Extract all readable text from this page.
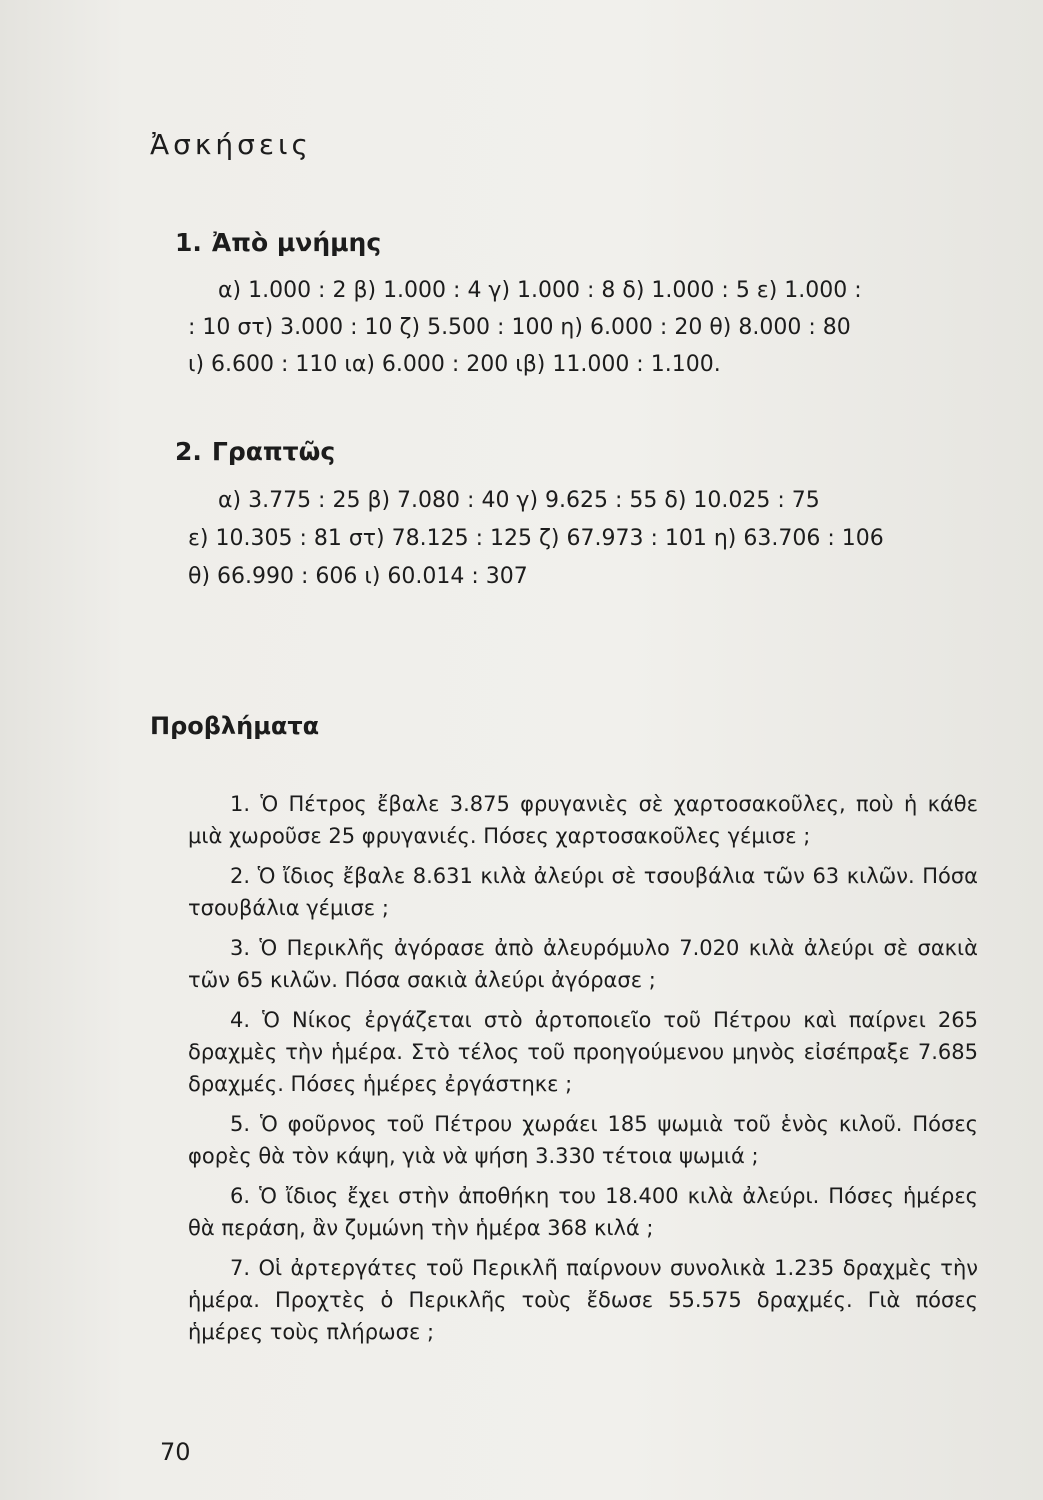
Ἀσκήσεις
1. Ἀπὸ μνήμης
α) 1.000 : 2 β) 1.000 : 4 γ) 1.000 : 8 δ) 1.000 : 5 ε) 1.000 :
: 10 στ) 3.000 : 10 ζ) 5.500 : 100 η) 6.000 : 20 θ) 8.000 : 80
ι) 6.600 : 110 ια) 6.000 : 200 ιβ) 11.000 : 1.100.
2. Γραπτῶς
α) 3.775 : 25 β) 7.080 : 40 γ) 9.625 : 55 δ) 10.025 : 75
ε) 10.305 : 81 στ) 78.125 : 125 ζ) 67.973 : 101 η) 63.706 : 106
θ) 66.990 : 606 ι) 60.014 : 307
Προβλήματα

1. Ὁ Πέτρος ἔβαλε 3.875 φρυγανιὲς σὲ χαρτοσακοῦλες, ποὺ ἡ κάθε μιὰ χωροῦσε 25 φρυγανιές. Πόσες χαρτοσακοῦλες γέμισε ;

2. Ὁ ἴδιος ἔβαλε 8.631 κιλὰ ἀλεύρι σὲ τσουβάλια τῶν 63 κιλῶν. Πόσα τσουβάλια γέμισε ;

3. Ὁ Περικλῆς ἀγόρασε ἀπὸ ἀλευρόμυλο 7.020 κιλὰ ἀλεύρι σὲ σακιὰ τῶν 65 κιλῶν. Πόσα σακιὰ ἀλεύρι ἀγόρασε ;

4. Ὁ Νίκος ἐργάζεται στὸ ἀρτοποιεῖο τοῦ Πέτρου καὶ παίρνει 265 δραχμὲς τὴν ἡμέρα. Στὸ τέλος τοῦ προηγούμενου μηνὸς εἰσέπραξε 7.685 δραχμές. Πόσες ἡμέρες ἐργάστηκε ;

5. Ὁ φοῦρνος τοῦ Πέτρου χωράει 185 ψωμιὰ τοῦ ἑνὸς κιλοῦ. Πόσες φορὲς θὰ τὸν κάψη, γιὰ νὰ ψήση 3.330 τέτοια ψωμιά ;

6. Ὁ ἴδιος ἔχει στὴν ἀποθήκη του 18.400 κιλὰ ἀλεύρι. Πόσες ἡμέρες θὰ περάση, ἂν ζυμώνη τὴν ἡμέρα 368 κιλά ;

7. Οἱ ἀρτεργάτες τοῦ Περικλῆ παίρνουν συνολικὰ 1.235 δραχμὲς τὴν ἡμέρα. Προχτὲς ὁ Περικλῆς τοὺς ἔδωσε 55.575 δραχμές. Γιὰ πόσες ἡμέρες τοὺς πλήρωσε ;

70
